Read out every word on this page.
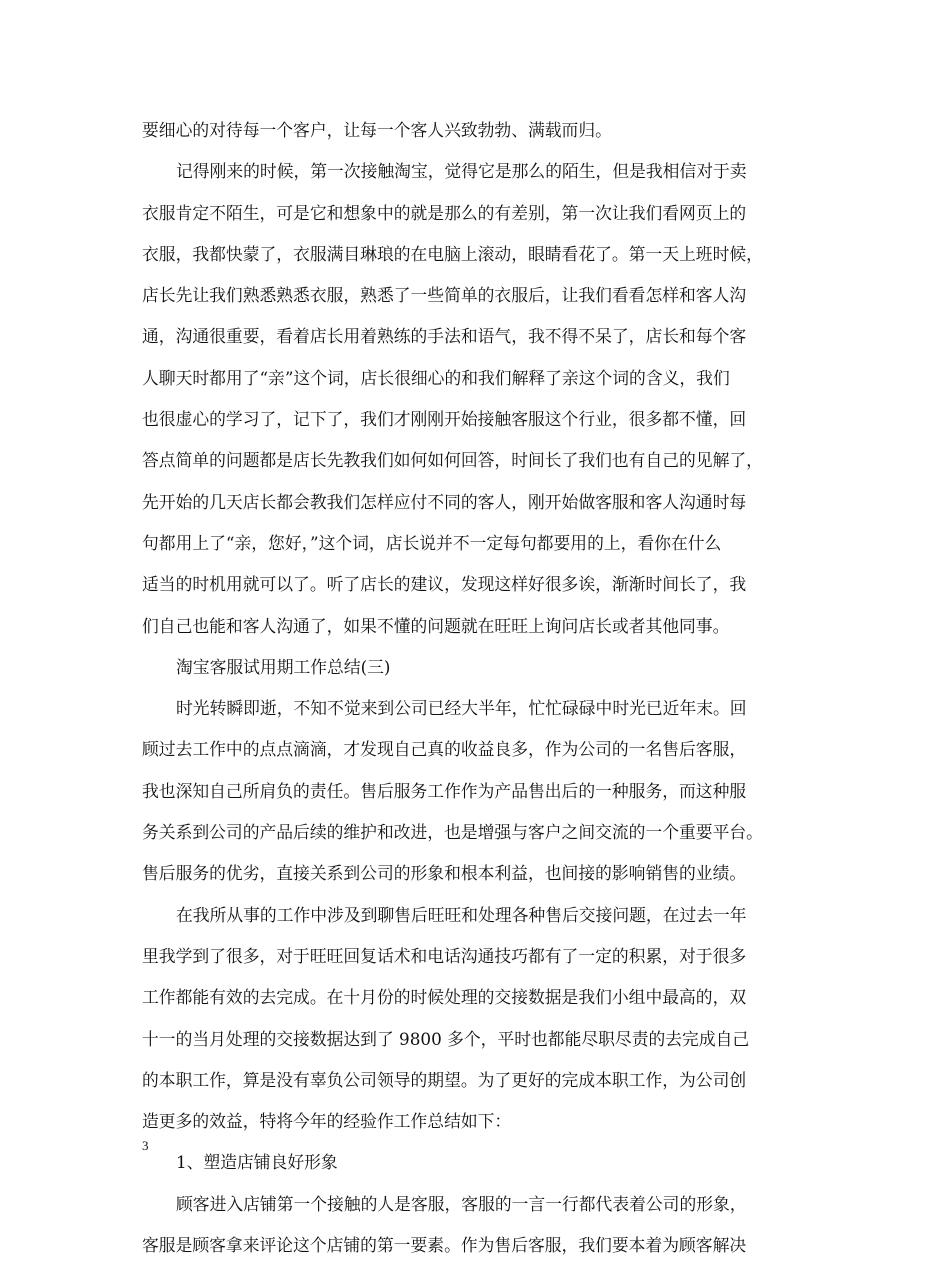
要细心的对待每一个客户，让每一个客人兴致勃勃、满载而归。
记得刚来的时候，第一次接触淘宝，觉得它是那么的陌生，但是我相信对于卖
衣服肯定不陌生，可是它和想象中的就是那么的有差别，第一次让我们看网页上的
衣服，我都快蒙了，衣服满目琳琅的在电脑上滚动，眼睛看花了。第一天上班时候，
店长先让我们熟悉熟悉衣服，熟悉了一些简单的衣服后，让我们看看怎样和客人沟
通，沟通很重要，看着店长用着熟练的手法和语气，我不得不呆了，店长和每个客
人聊天时都用了“亲”这个词，店长很细心的和我们解释了亲这个词的含义，我们
也很虚心的学习了，记下了，我们才刚刚开始接触客服这个行业，很多都不懂，回
答点简单的问题都是店长先教我们如何如何回答，时间长了我们也有自己的见解了，
先开始的几天店长都会教我们怎样应付不同的客人，刚开始做客服和客人沟通时每
句都用上了“亲，您好，”这个词，店长说并不一定每句都要用的上，看你在什么
适当的时机用就可以了。听了店长的建议，发现这样好很多诶，渐渐时间长了，我
们自己也能和客人沟通了，如果不懂的问题就在旺旺上询问店长或者其他同事。
淘宝客服试用期工作总结(三)
时光转瞬即逝，不知不觉来到公司已经大半年，忙忙碌碌中时光已近年末。回
顾过去工作中的点点滴滴，才发现自己真的收益良多，作为公司的一名售后客服，
我也深知自己所肩负的责任。售后服务工作作为产品售出后的一种服务，而这种服
务关系到公司的产品后续的维护和改进，也是增强与客户之间交流的一个重要平台。
售后服务的优劣，直接关系到公司的形象和根本利益，也间接的影响销售的业绩。
在我所从事的工作中涉及到聊售后旺旺和处理各种售后交接问题，在过去一年
里我学到了很多，对于旺旺回复话术和电话沟通技巧都有了一定的积累，对于很多
工作都能有效的去完成。在十月份的时候处理的交接数据是我们小组中最高的，双
十一的当月处理的交接数据达到了 9800 多个，平时也都能尽职尽责的去完成自己
的本职工作，算是没有辜负公司领导的期望。为了更好的完成本职工作，为公司创
造更多的效益，特将今年的经验作工作总结如下：
1、塑造店铺良好形象
顾客进入店铺第一个接触的人是客服，客服的一言一行都代表着公司的形象，
客服是顾客拿来评论这个店铺的第一要素。作为售后客服，我们要本着为顾客解决
3
